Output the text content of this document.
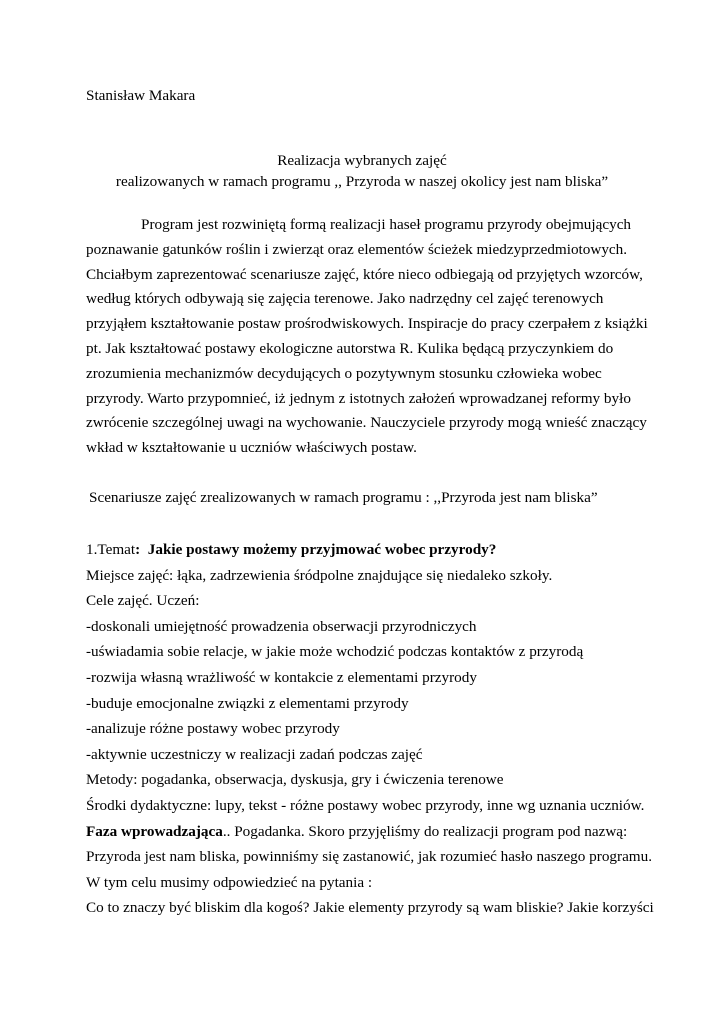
Stanisław Makara
Realizacja wybranych zajęć
realizowanych w ramach programu ,, Przyroda w naszej okolicy jest nam bliska”
Program jest rozwiniętą formą realizacji haseł programu przyrody obejmujących
poznawanie gatunków roślin i zwierząt oraz elementów ścieżek miedzyprzedmiotowych.
Chciałbym zaprezentować scenariusze zajęć, które nieco odbiegają od przyjętych wzorców,
według których odbywają się zajęcia terenowe. Jako nadrzędny cel zajęć terenowych
przyjąłem kształtowanie postaw prośrodwiskowych. Inspiracje do pracy czerpałem z książki
pt. Jak kształtować postawy ekologiczne autorstwa R. Kulika będącą przyczynkiem do
zrozumienia mechanizmów decydujących o pozytywnym stosunku człowieka wobec
przyrody. Warto przypomnieć, iż jednym z istotnych założeń wprowadzanej reformy było
zwrócenie szczególnej uwagi na wychowanie. Nauczyciele przyrody mogą wnieść znaczący
wkład w kształtowanie u uczniów właściwych postaw.
Scenariusze zajęć zrealizowanych w ramach programu : ,,Przyroda jest nam bliska”
1.Temat: Jakie postawy możemy przyjmować wobec przyrody?
Miejsce zajęć: łąka, zadrzewienia śródpolne znajdujące się niedaleko szkoły.
Cele zajęć. Uczeń:
-doskonali umiejętność prowadzenia obserwacji przyrodniczych
-uświadamia sobie relacje, w jakie może wchodzić podczas kontaktów z przyrodą
-rozwija własną wrażliwość w kontakcie z elementami przyrody
-buduje emocjonalne związki z elementami przyrody
-analizuje różne postawy wobec przyrody
-aktywnie uczestniczy w realizacji zadań podczas zajęć
Metody: pogadanka, obserwacja, dyskusja, gry i ćwiczenia terenowe
Środki dydaktyczne: lupy, tekst - różne postawy wobec przyrody, inne wg uznania uczniów.
Faza wprowadzająca.. Pogadanka. Skoro przyjęliśmy do realizacji program pod nazwą:
Przyroda jest nam bliska, powinniśmy się zastanowić, jak rozumieć hasło naszego programu.
W tym celu musimy odpowiedzieć na pytania :
Co to znaczy być bliskim dla kogoś? Jakie elementy przyrody są wam bliskie? Jakie korzyści
